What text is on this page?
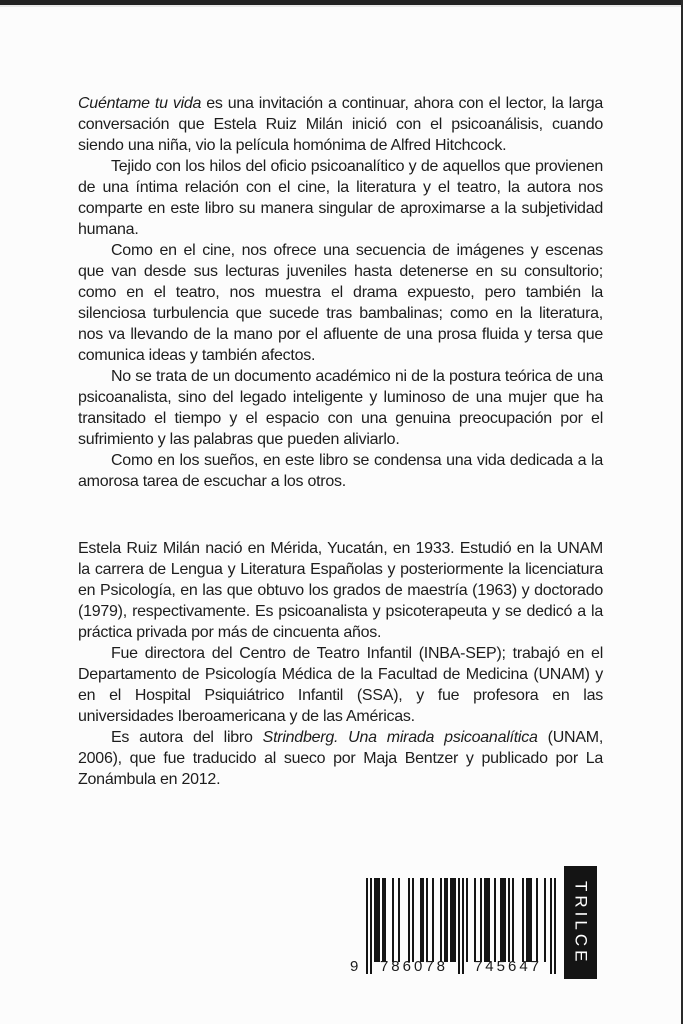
Cuéntame tu vida es una invitación a continuar, ahora con el lector, la larga conversación que Estela Ruiz Milán inició con el psicoanálisis, cuando siendo una niña, vio la película homónima de Alfred Hitchcock.

Tejido con los hilos del oficio psicoanalítico y de aquellos que provienen de una íntima relación con el cine, la literatura y el teatro, la autora nos comparte en este libro su manera singular de aproximarse a la subjetividad humana.

Como en el cine, nos ofrece una secuencia de imágenes y escenas que van desde sus lecturas juveniles hasta detenerse en su consultorio; como en el teatro, nos muestra el drama expuesto, pero también la silenciosa turbulencia que sucede tras bambalinas; como en la literatura, nos va llevando de la mano por el afluente de una prosa fluida y tersa que comunica ideas y también afectos.

No se trata de un documento académico ni de la postura teórica de una psicoanalista, sino del legado inteligente y luminoso de una mujer que ha transitado el tiempo y el espacio con una genuina preocupación por el sufrimiento y las palabras que pueden aliviarlo.

Como en los sueños, en este libro se condensa una vida dedicada a la amorosa tarea de escuchar a los otros.

Estela Ruiz Milán nació en Mérida, Yucatán, en 1933. Estudió en la UNAM la carrera de Lengua y Literatura Españolas y posteriormente la licenciatura en Psicología, en las que obtuvo los grados de maestría (1963) y doctorado (1979), respectivamente. Es psicoanalista y psicoterapeuta y se dedicó a la práctica privada por más de cincuenta años.

Fue directora del Centro de Teatro Infantil (INBA-SEP); trabajó en el Departamento de Psicología Médica de la Facultad de Medicina (UNAM) y en el Hospital Psiquiátrico Infantil (SSA), y fue profesora en las universidades Iberoamericana y de las Américas.

Es autora del libro Strindberg. Una mirada psicoanalítica (UNAM, 2006), que fue traducido al sueco por Maja Bentzer y publicado por La Zonámbula en 2012.

9	786078	745647
TRILCE
